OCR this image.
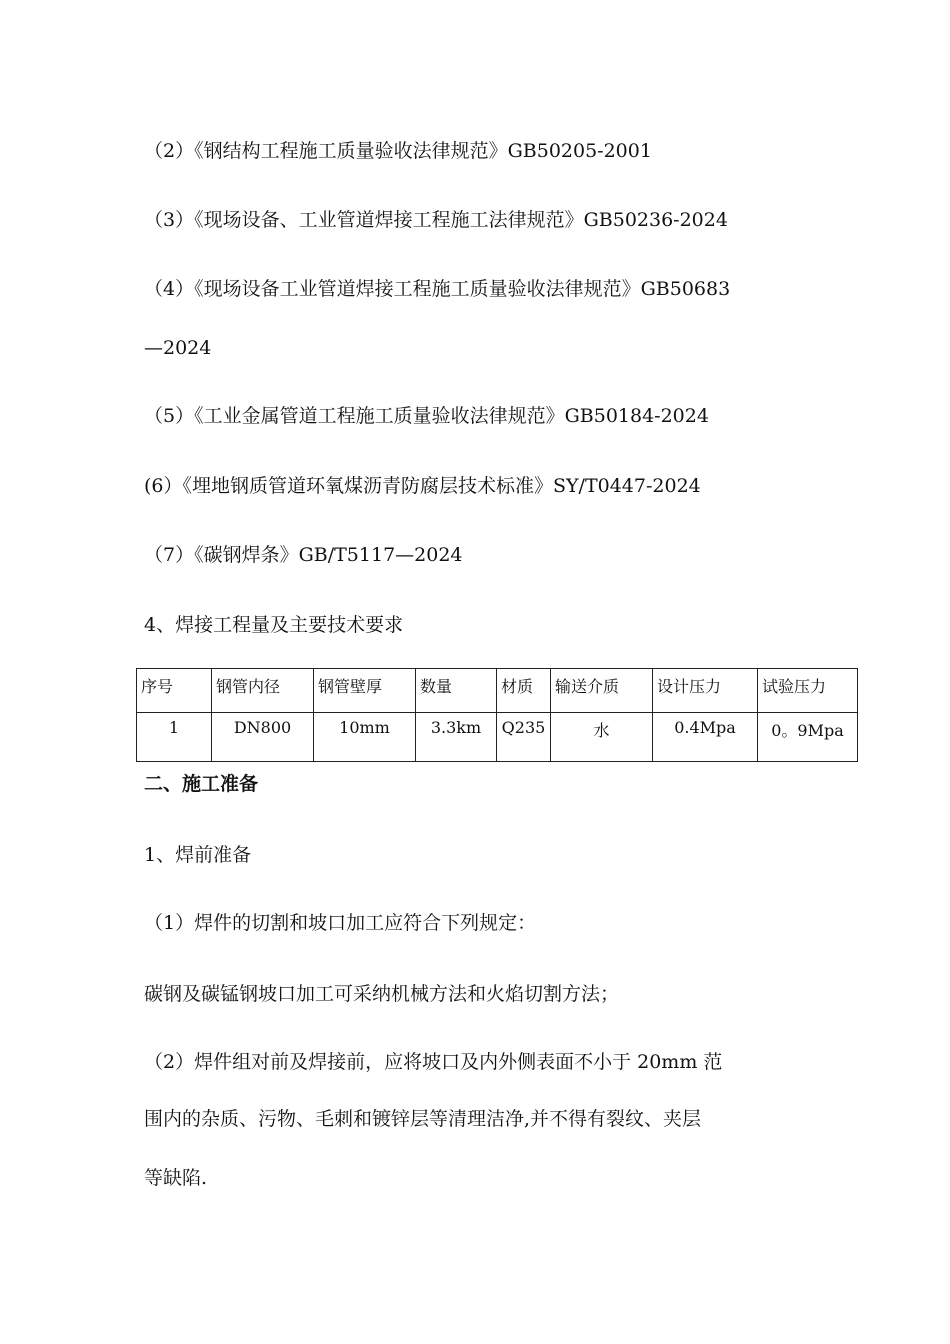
（2）《钢结构工程施工质量验收法律规范》GB50205-2001
（3）《现场设备、工业管道焊接工程施工法律规范》GB50236-2024
（4）《现场设备工业管道焊接工程施工质量验收法律规范》GB50683
—2024
（5）《工业金属管道工程施工质量验收法律规范》GB50184-2024
(6）《埋地钢质管道环氧煤沥青防腐层技术标准》SY/T0447-2024
（7）《碳钢焊条》GB/T5117—2024
4、焊接工程量及主要技术要求
序号	钢管内径	钢管壁厚	数量	材质	输送介质	设计压力	试验压力
1	DN800	10mm	3.3km	Q235	水	0.4Mpa	0。9Mpa
二、施工准备
1、焊前准备
（1）焊件的切割和坡口加工应符合下列规定：
碳钢及碳锰钢坡口加工可采纳机械方法和火焰切割方法；
（2）焊件组对前及焊接前，应将坡口及内外侧表面不小于 20mm 范
围内的杂质、污物、毛刺和镀锌层等清理洁净,并不得有裂纹、夹层
等缺陷.
